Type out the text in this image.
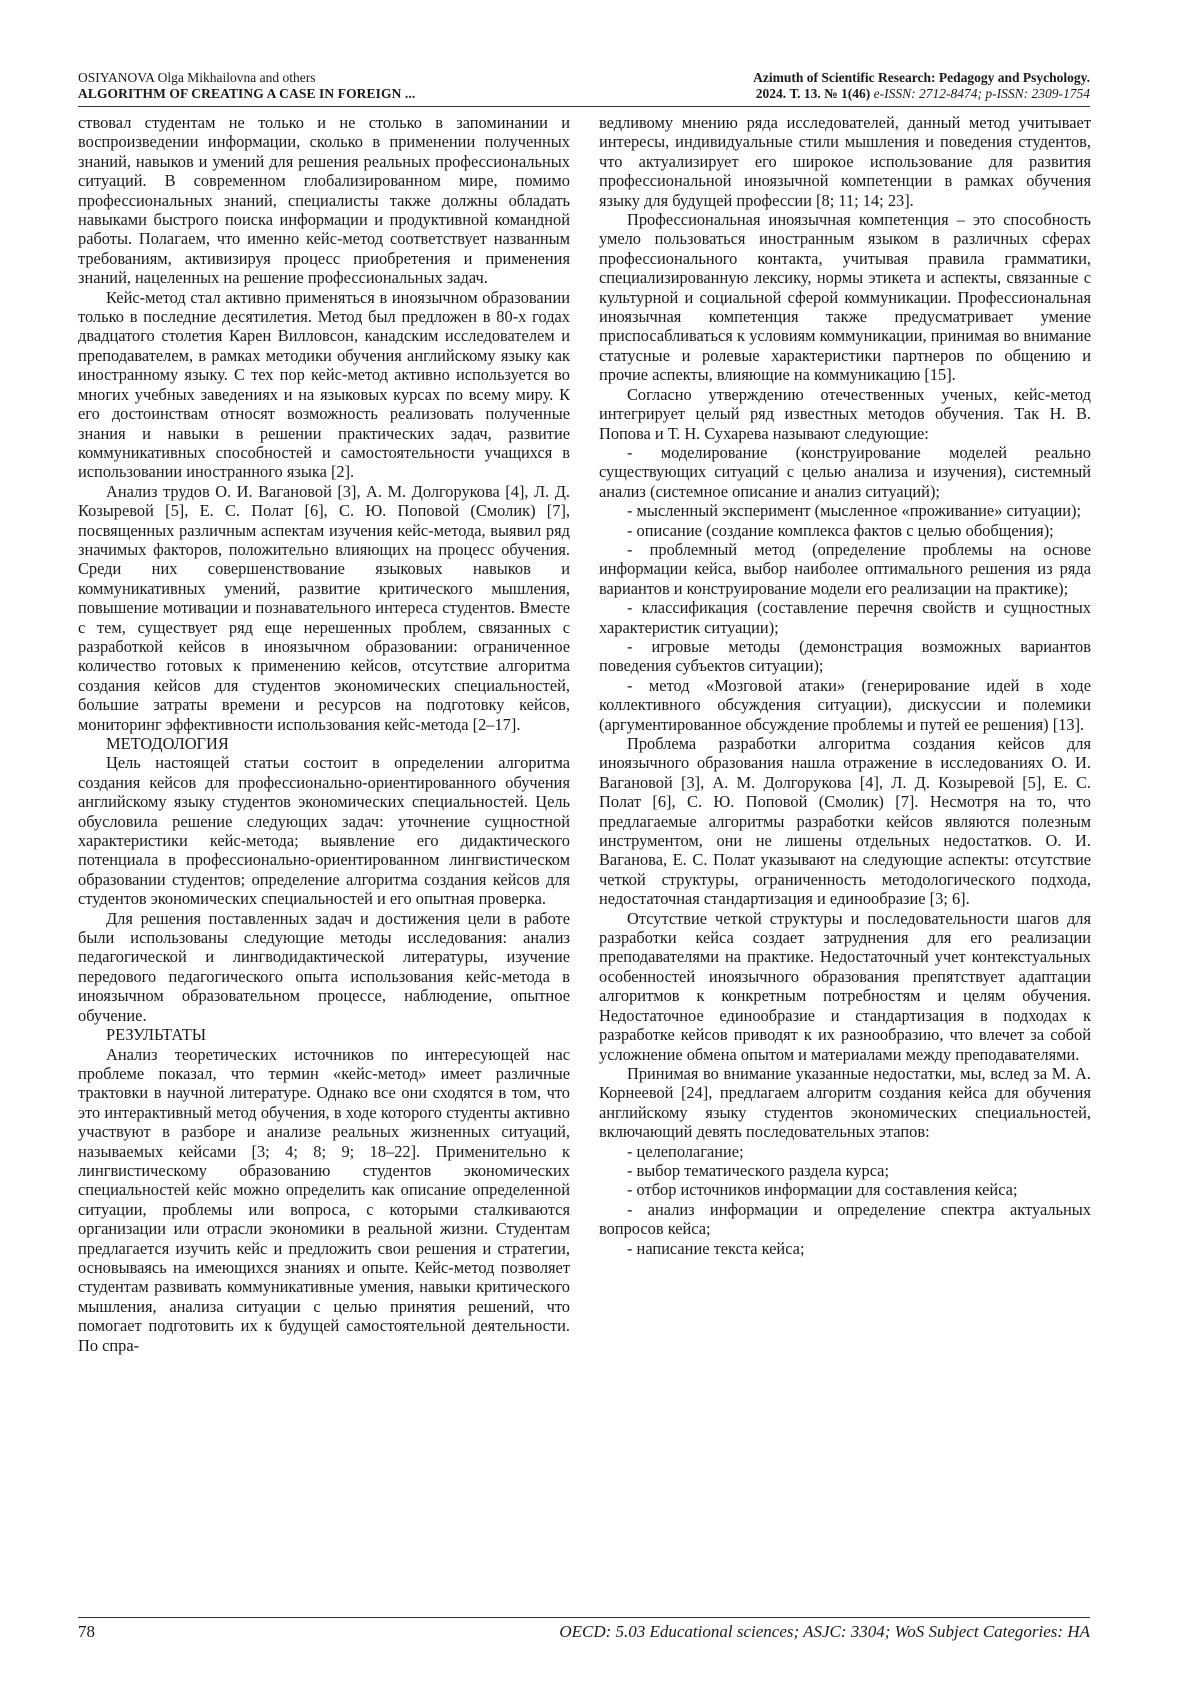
OSIYANOVA Olga Mikhailovna and others
ALGORITHM OF CREATING A CASE IN FOREIGN ...
Azimuth of Scientific Research: Pedagogy and Psychology.
2024. Т. 13. № 1(46) e-ISSN: 2712-8474; p-ISSN: 2309-1754

ствовал студентам не только и не столько в запоминании и воспроизведении информации, сколько в применении полученных знаний, навыков и умений для решения реальных профессиональных ситуаций. В современном глобализированном мире, помимо профессиональных знаний, специалисты также должны обладать навыками быстрого поиска информации и продуктивной командной работы. Полагаем, что именно кейс-метод соответствует названным требованиям, активизируя процесс приобретения и применения знаний, нацеленных на решение профессиональных задач.

Кейс-метод стал активно применяться в иноязычном образовании только в последние десятилетия. Метод был предложен в 80-х годах двадцатого столетия Карен Вилловсон, канадским исследователем и преподавателем, в рамках методики обучения английскому языку как иностранному языку. С тех пор кейс-метод активно используется во многих учебных заведениях и на языковых курсах по всему миру. К его достоинствам относят возможность реализовать полученные знания и навыки в решении практических задач, развитие коммуникативных способностей и самостоятельности учащихся в использовании иностранного языка [2].

Анализ трудов О. И. Вагановой [3], А. М. Долгорукова [4], Л. Д. Козыревой [5], Е. С. Полат [6], С. Ю. Поповой (Смолик) [7], посвященных различным аспектам изучения кейс-метода, выявил ряд значимых факторов, положительно влияющих на процесс обучения. Среди них совершенствование языковых навыков и коммуникативных умений, развитие критического мышления, повышение мотивации и познавательного интереса студентов. Вместе с тем, существует ряд еще нерешенных проблем, связанных с разработкой кейсов в иноязычном образовании: ограниченное количество готовых к применению кейсов, отсутствие алгоритма создания кейсов для студентов экономических специальностей, большие затраты времени и ресурсов на подготовку кейсов, мониторинг эффективности использования кейс-метода [2–17].

МЕТОДОЛОГИЯ

Цель настоящей статьи состоит в определении алгоритма создания кейсов для профессионально-ориентированного обучения английскому языку студентов экономических специальностей. Цель обусловила решение следующих задач: уточнение сущностной характеристики кейс-метода; выявление его дидактического потенциала в профессионально-ориентированном лингвистическом образовании студентов; определение алгоритма создания кейсов для студентов экономических специальностей и его опытная проверка.

Для решения поставленных задач и достижения цели в работе были использованы следующие методы исследования: анализ педагогической и лингводидактической литературы, изучение передового педагогического опыта использования кейс-метода в иноязычном образовательном процессе, наблюдение, опытное обучение.

РЕЗУЛЬТАТЫ

Анализ теоретических источников по интересующей нас проблеме показал, что термин «кейс-метод» имеет различные трактовки в научной литературе. Однако все они сходятся в том, что это интерактивный метод обучения, в ходе которого студенты активно участвуют в разборе и анализе реальных жизненных ситуаций, называемых кейсами [3; 4; 8; 9; 18–22]. Применительно к лингвистическому образованию студентов экономических специальностей кейс можно определить как описание определенной ситуации, проблемы или вопроса, с которыми сталкиваются организации или отрасли экономики в реальной жизни. Студентам предлагается изучить кейс и предложить свои решения и стратегии, основываясь на имеющихся знаниях и опыте. Кейс-метод позволяет студентам развивать коммуникативные умения, навыки критического мышления, анализа ситуации с целью принятия решений, что помогает подготовить их к будущей самостоятельной деятельности. По спра-

ведливому мнению ряда исследователей, данный метод учитывает интересы, индивидуальные стили мышления и поведения студентов, что актуализирует его широкое использование для развития профессиональной иноязычной компетенции в рамках обучения языку для будущей профессии [8; 11; 14; 23].

Профессиональная иноязычная компетенция – это способность умело пользоваться иностранным языком в различных сферах профессионального контакта, учитывая правила грамматики, специализированную лексику, нормы этикета и аспекты, связанные с культурной и социальной сферой коммуникации. Профессиональная иноязычная компетенция также предусматривает умение приспосабливаться к условиям коммуникации, принимая во внимание статусные и ролевые характеристики партнеров по общению и прочие аспекты, влияющие на коммуникацию [15].

Согласно утверждению отечественных ученых, кейс-метод интегрирует целый ряд известных методов обучения. Так Н. В. Попова и Т. Н. Сухарева называют следующие:

- моделирование (конструирование моделей реально существующих ситуаций с целью анализа и изучения), системный анализ (системное описание и анализ ситуаций);

- мысленный эксперимент (мысленное «проживание» ситуации);

- описание (создание комплекса фактов с целью обобщения);

- проблемный метод (определение проблемы на основе информации кейса, выбор наиболее оптимального решения из ряда вариантов и конструирование модели его реализации на практике);

- классификация (составление перечня свойств и сущностных характеристик ситуации);

- игровые методы (демонстрация возможных вариантов поведения субъектов ситуации);

- метод «Мозговой атаки» (генерирование идей в ходе коллективного обсуждения ситуации), дискуссии и полемики (аргументированное обсуждение проблемы и путей ее решения) [13].

Проблема разработки алгоритма создания кейсов для иноязычного образования нашла отражение в исследованиях О. И. Вагановой [3], А. М. Долгорукова [4], Л. Д. Козыревой [5], Е. С. Полат [6], С. Ю. Поповой (Смолик) [7]. Несмотря на то, что предлагаемые алгоритмы разработки кейсов являются полезным инструментом, они не лишены отдельных недостатков. О. И. Ваганова, Е. С. Полат указывают на следующие аспекты: отсутствие четкой структуры, ограниченность методологического подхода, недостаточная стандартизация и единообразие [3; 6].

Отсутствие четкой структуры и последовательности шагов для разработки кейса создает затруднения для его реализации преподавателями на практике. Недостаточный учет контекстуальных особенностей иноязычного образования препятствует адаптации алгоритмов к конкретным потребностям и целям обучения. Недостаточное единообразие и стандартизация в подходах к разработке кейсов приводят к их разнообразию, что влечет за собой усложнение обмена опытом и материалами между преподавателями.

Принимая во внимание указанные недостатки, мы, вслед за М. А. Корнеевой [24], предлагаем алгоритм создания кейса для обучения английскому языку студентов экономических специальностей, включающий девять последовательных этапов:

- целеполагание;

- выбор тематического раздела курса;

- отбор источников информации для составления кейса;

- анализ информации и определение спектра актуальных вопросов кейса;

- написание текста кейса;

78	OECD: 5.03 Educational sciences; ASJC: 3304; WoS Subject Categories: HA
